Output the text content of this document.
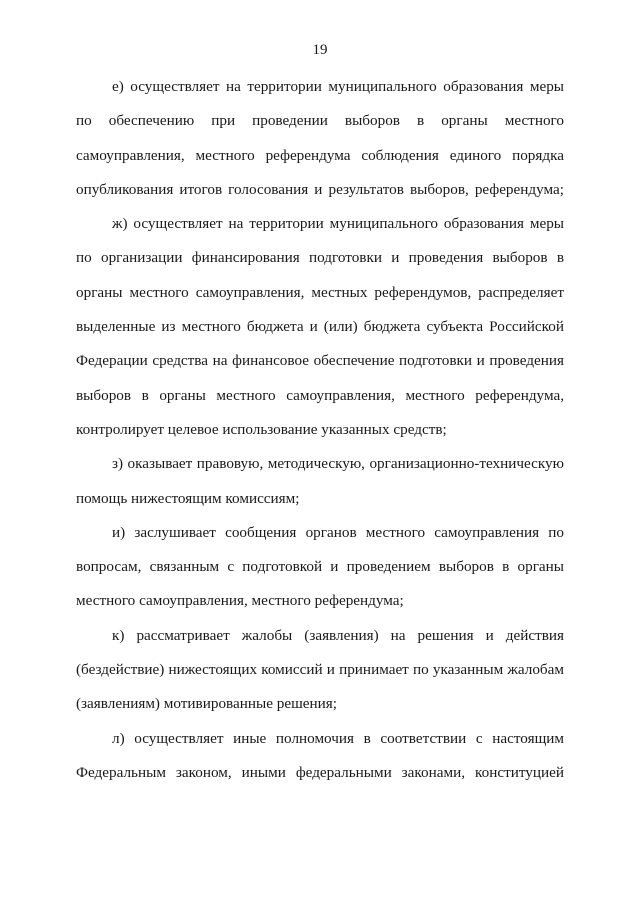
19
е) осуществляет на территории муниципального образования меры
по обеспечению при проведении выборов в органы местного
самоуправления, местного референдума соблюдения единого порядка
опубликования итогов голосования и результатов выборов, референдума;
ж) осуществляет на территории муниципального образования меры
по организации финансирования подготовки и проведения выборов в
органы местного самоуправления, местных референдумов, распределяет
выделенные из местного бюджета и (или) бюджета субъекта Российской
Федерации средства на финансовое обеспечение подготовки и проведения
выборов в органы местного самоуправления, местного референдума,
контролирует целевое использование указанных средств;
з) оказывает правовую, методическую, организационно-техническую
помощь нижестоящим комиссиям;
и) заслушивает сообщения органов местного самоуправления по
вопросам, связанным с подготовкой и проведением выборов в органы
местного самоуправления, местного референдума;
к) рассматривает жалобы (заявления) на решения и действия
(бездействие) нижестоящих комиссий и принимает по указанным жалобам
(заявлениям) мотивированные решения;
л) осуществляет иные полномочия в соответствии с настоящим
Федеральным законом, иными федеральными законами, конституцией
